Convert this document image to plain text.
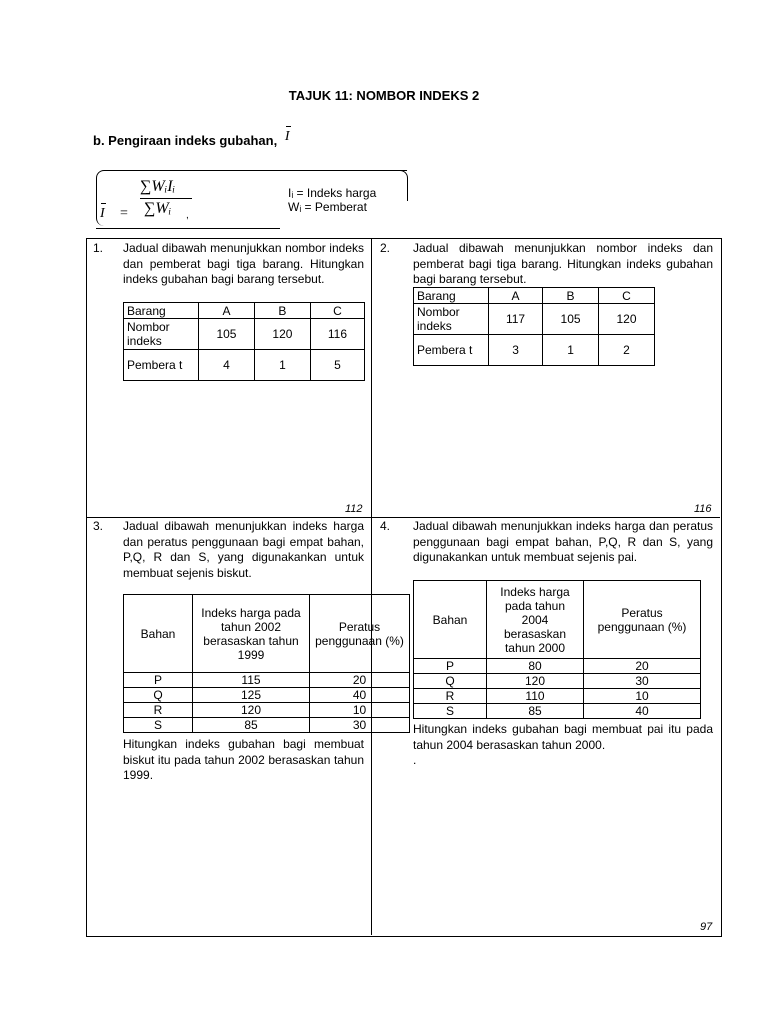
TAJUK 11: NOMBOR INDEKS 2
b. Pengiraan indeks gubahan, I
I =
∑WᵢIᵢ
∑Wᵢ ,
Iᵢ = Indeks harga
Wᵢ = Pemberat
1. Jadual dibawah menunjukkan nombor indeks dan pemberat bagi tiga barang. Hitungkan indeks gubahan bagi barang tersebut.
Barang	A	B	C
Nombor indeks	105	120	116
Pembera t	4	1	5
112
2. Jadual dibawah menunjukkan nombor indeks dan pemberat bagi tiga barang. Hitungkan indeks gubahan bagi barang tersebut.
Barang	A	B	C
Nombor indeks	117	105	120
Pembera t	3	1	2
116
3. Jadual dibawah menunjukkan indeks harga dan peratus penggunaan bagi empat bahan, P,Q, R dan S, yang digunakankan untuk membuat sejenis biskut.
Bahan	Indeks harga pada tahun 2002 berasaskan tahun 1999	Peratus penggunaan (%)
P	115	20
Q	125	40
R	120	10
S	85	30
Hitungkan indeks gubahan bagi membuat biskut itu pada tahun 2002 berasaskan tahun 1999.
4. Jadual dibawah menunjukkan indeks harga dan peratus penggunaan bagi empat bahan, P,Q, R dan S, yang digunakankan untuk membuat sejenis pai.
Bahan	Indeks harga pada tahun 2004 berasaskan tahun 2000	Peratus penggunaan (%)
P	80	20
Q	120	30
R	110	10
S	85	40
Hitungkan indeks gubahan bagi membuat pai itu pada tahun 2004 berasaskan tahun 2000.
.
97
